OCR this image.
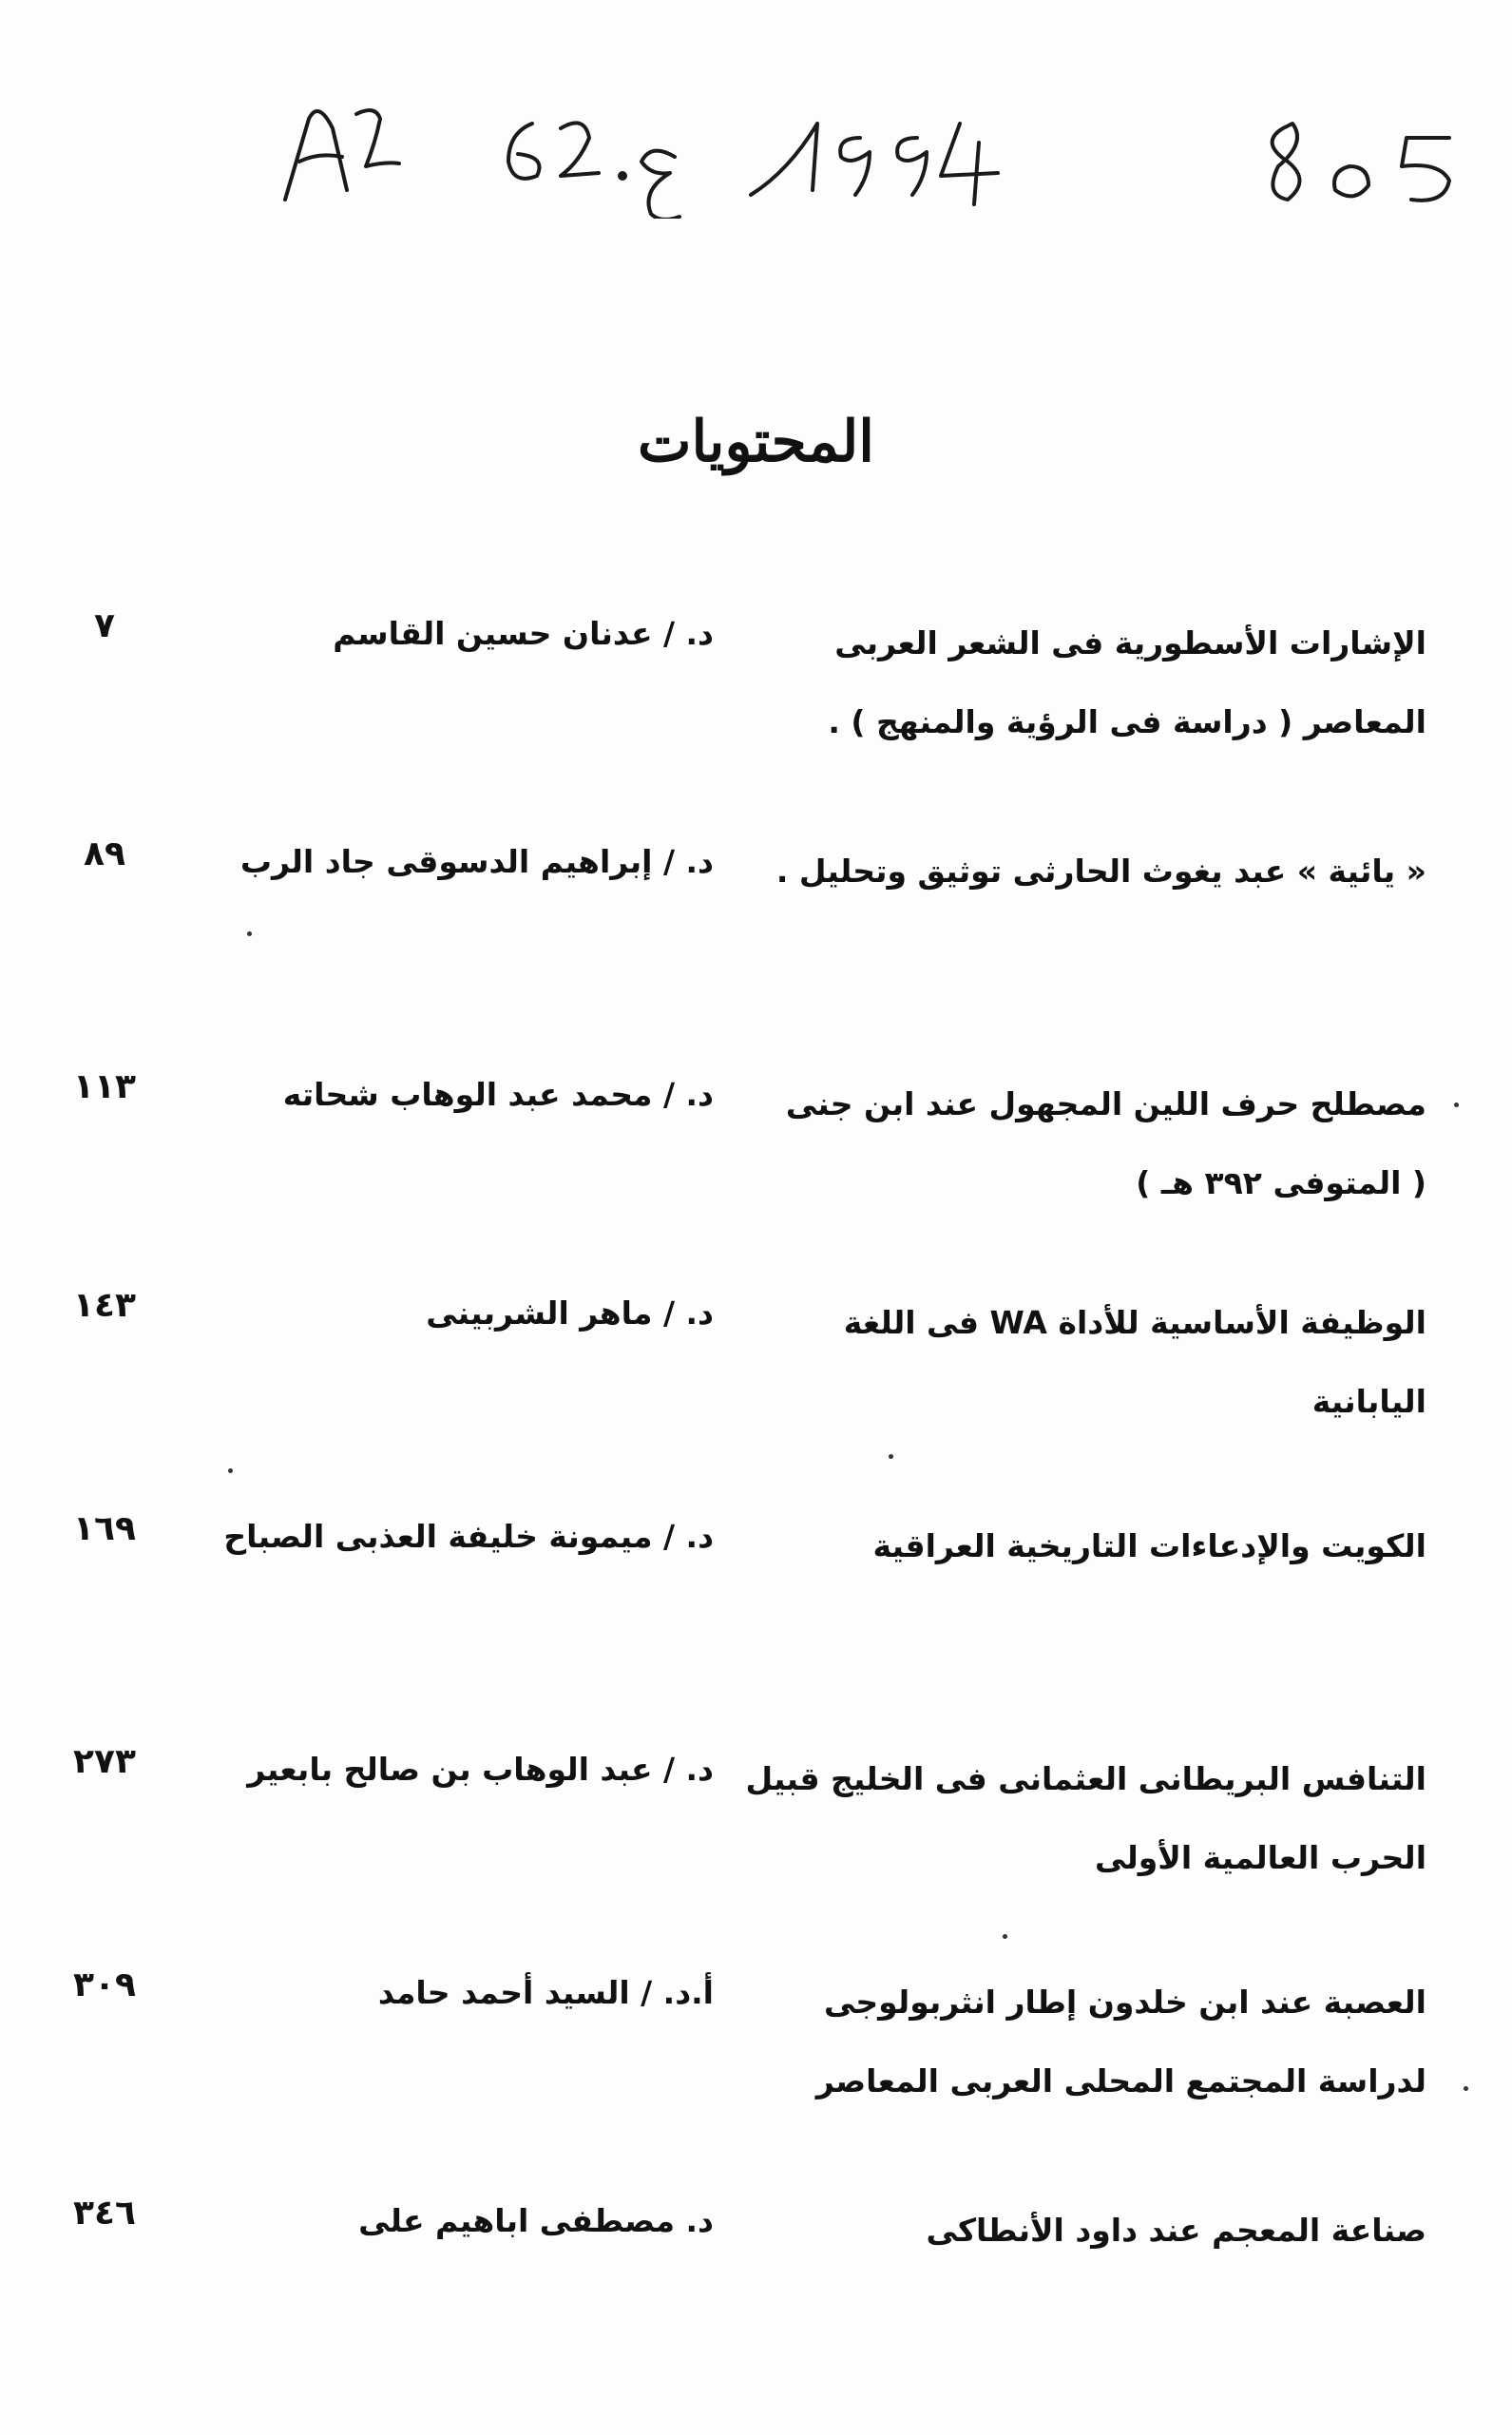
المحتويات
الإشارات الأسطورية فى الشعر العربى
المعاصر ( دراسة فى الرؤية والمنهج ) .
د. / عدنان حسين القاسم
٧
« يائية » عبد يغوث الحارثى توثيق وتحليل .
د. / إبراهيم الدسوقى جاد الرب
٨٩
مصطلح حرف اللين المجهول عند ابن جنى
( المتوفى ٣٩٢ هـ )
د. / محمد عبد الوهاب شحاته
١١٣
الوظيفة الأساسية للأداة WA فى اللغة
اليابانية
د. / ماهر الشربينى
١٤٣
الكويت والإدعاءات التاريخية العراقية
د. / ميمونة خليفة العذبى الصباح
١٦٩
التنافس البريطانى العثمانى فى الخليج قبيل
الحرب العالمية الأولى
د. / عبد الوهاب بن صالح بابعير
٢٧٣
العصبة عند ابن خلدون إطار انثربولوجى
لدراسة المجتمع المحلى العربى المعاصر
أ.د. / السيد أحمد حامد
٣٠٩
صناعة المعجم عند داود الأنطاكى
د. مصطفى اباهيم على
٣٤٦
